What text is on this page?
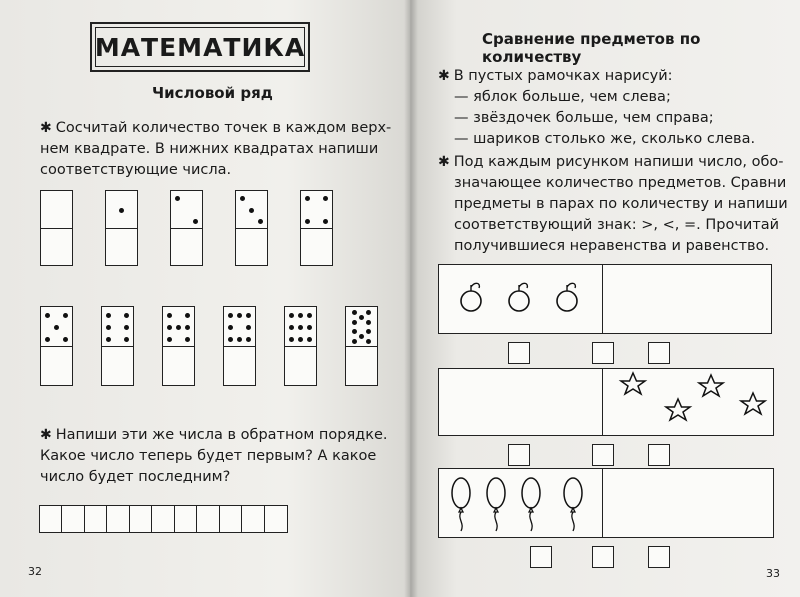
МАТЕМАТИКА
Числовой ряд
✱ Сосчитай количество точек в каждом верх-
нем квадрате. В нижних квадратах напиши
соответствующие числа.
✱ Напиши эти же числа в обратном порядке.
Какое число теперь будет первым? А какое
число будет последним?
32
Сравнение предметов по количеству
✱ В пустых рамочках нарисуй:
— яблок больше, чем слева;
— звёздочек больше, чем справа;
— шариков столько же, сколько слева.
✱ Под каждым рисунком напиши число, обо-
значающее количество предметов. Сравни
предметы в парах по количеству и напиши
соответствующий знак: >, <, =. Прочитай
получившиеся неравенства и равенство.
33
